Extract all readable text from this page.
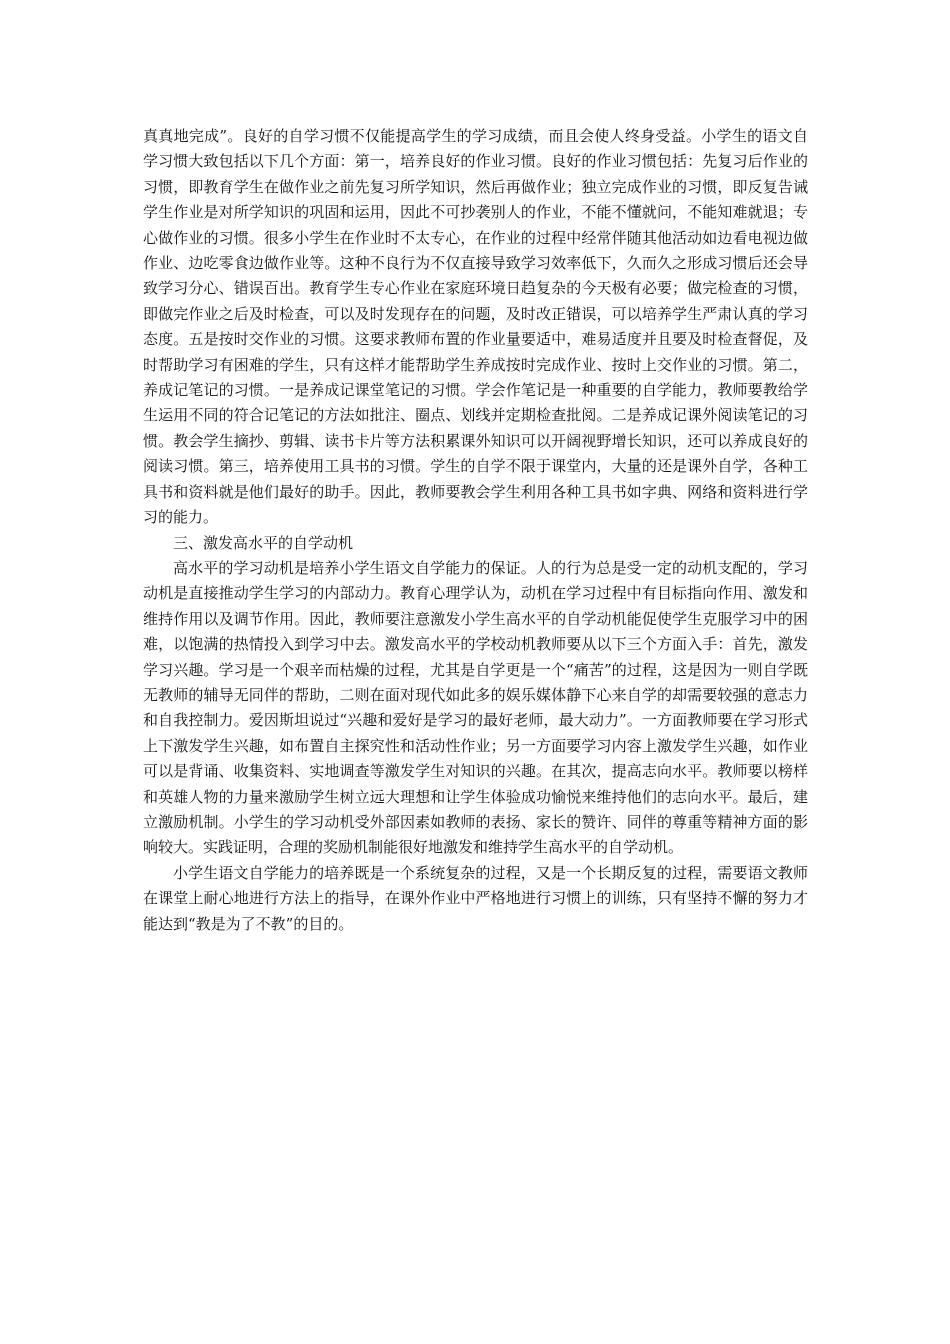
真真地完成”。良好的自学习惯不仅能提高学生的学习成绩，而且会使人终身受益。小学生的语文自学习惯大致包括以下几个方面：第一，培养良好的作业习惯。良好的作业习惯包括：先复习后作业的习惯，即教育学生在做作业之前先复习所学知识，然后再做作业；独立完成作业的习惯，即反复告诫学生作业是对所学知识的巩固和运用，因此不可抄袭别人的作业，不能不懂就问，不能知难就退；专心做作业的习惯。很多小学生在作业时不太专心，在作业的过程中经常伴随其他活动如边看电视边做作业、边吃零食边做作业等。这种不良行为不仅直接导致学习效率低下，久而久之形成习惯后还会导致学习分心、错误百出。教育学生专心作业在家庭环境日趋复杂的今天极有必要；做完检查的习惯，即做完作业之后及时检查，可以及时发现存在的问题，及时改正错误，可以培养学生严肃认真的学习态度。五是按时交作业的习惯。这要求教师布置的作业量要适中，难易适度并且要及时检查督促，及时帮助学习有困难的学生，只有这样才能帮助学生养成按时完成作业、按时上交作业的习惯。第二，养成记笔记的习惯。一是养成记课堂笔记的习惯。学会作笔记是一种重要的自学能力，教师要教给学生运用不同的符合记笔记的方法如批注、圈点、划线并定期检查批阅。二是养成记课外阅读笔记的习惯。教会学生摘抄、剪辑、读书卡片等方法积累课外知识可以开阔视野增长知识，还可以养成良好的阅读习惯。第三，培养使用工具书的习惯。学生的自学不限于课堂内，大量的还是课外自学，各种工具书和资料就是他们最好的助手。因此，教师要教会学生利用各种工具书如字典、网络和资料进行学习的能力。

三、激发高水平的自学动机

高水平的学习动机是培养小学生语文自学能力的保证。人的行为总是受一定的动机支配的，学习动机是直接推动学生学习的内部动力。教育心理学认为，动机在学习过程中有目标指向作用、激发和维持作用以及调节作用。因此，教师要注意激发小学生高水平的自学动机能促使学生克服学习中的困难，以饱满的热情投入到学习中去。激发高水平的学校动机教师要从以下三个方面入手：首先，激发学习兴趣。学习是一个艰辛而枯燥的过程，尤其是自学更是一个“痛苦”的过程，这是因为一则自学既无教师的辅导无同伴的帮助，二则在面对现代如此多的娱乐媒体静下心来自学的却需要较强的意志力和自我控制力。爱因斯坦说过“兴趣和爱好是学习的最好老师，最大动力”。一方面教师要在学习形式上下激发学生兴趣，如布置自主探究性和活动性作业；另一方面要学习内容上激发学生兴趣，如作业可以是背诵、收集资料、实地调查等激发学生对知识的兴趣。在其次，提高志向水平。教师要以榜样和英雄人物的力量来激励学生树立远大理想和让学生体验成功愉悦来维持他们的志向水平。最后，建立激励机制。小学生的学习动机受外部因素如教师的表扬、家长的赞许、同伴的尊重等精神方面的影响较大。实践证明，合理的奖励机制能很好地激发和维持学生高水平的自学动机。

小学生语文自学能力的培养既是一个系统复杂的过程，又是一个长期反复的过程，需要语文教师在课堂上耐心地进行方法上的指导，在课外作业中严格地进行习惯上的训练，只有坚持不懈的努力才能达到“教是为了不教”的目的。
